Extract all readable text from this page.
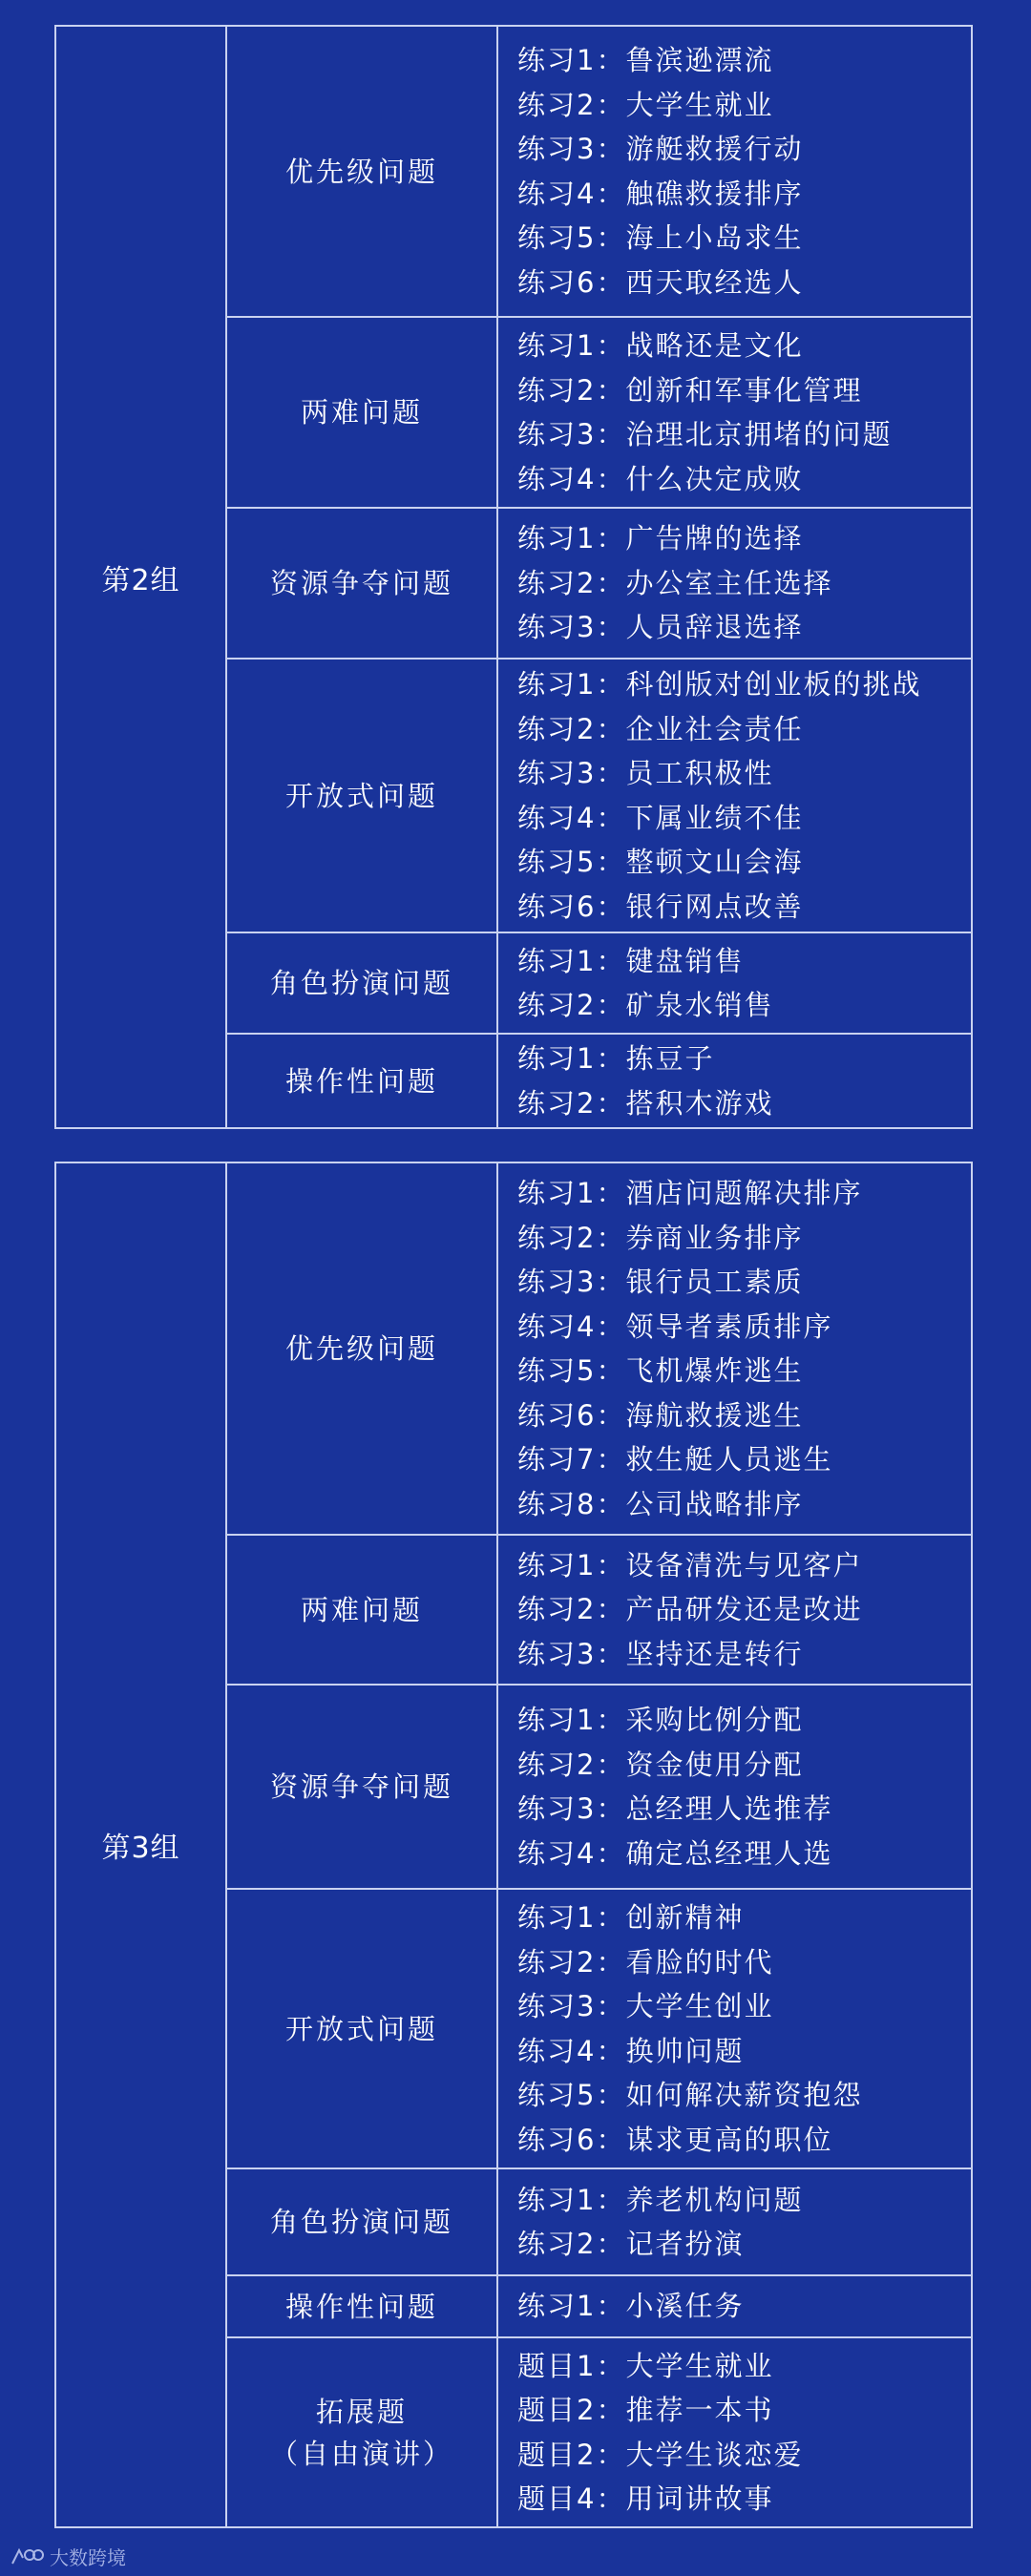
第2组
优先级问题
练习1：鲁滨逊漂流
练习2：大学生就业
练习3：游艇救援行动
练习4：触礁救援排序
练习5：海上小岛求生
练习6：西天取经选人
两难问题
练习1：战略还是文化
练习2：创新和军事化管理
练习3：治理北京拥堵的问题
练习4：什么决定成败
资源争夺问题
练习1：广告牌的选择
练习2：办公室主任选择
练习3：人员辞退选择
开放式问题
练习1：科创版对创业板的挑战
练习2：企业社会责任
练习3：员工积极性
练习4：下属业绩不佳
练习5：整顿文山会海
练习6：银行网点改善
角色扮演问题
练习1：键盘销售
练习2：矿泉水销售
操作性问题
练习1：拣豆子
练习2：搭积木游戏
第3组
优先级问题
练习1：酒店问题解决排序
练习2：券商业务排序
练习3：银行员工素质
练习4：领导者素质排序
练习5：飞机爆炸逃生
练习6：海航救援逃生
练习7：救生艇人员逃生
练习8：公司战略排序
两难问题
练习1：设备清洗与见客户
练习2：产品研发还是改进
练习3：坚持还是转行
资源争夺问题
练习1：采购比例分配
练习2：资金使用分配
练习3：总经理人选推荐
练习4：确定总经理人选
开放式问题
练习1：创新精神
练习2：看脸的时代
练习3：大学生创业
练习4：换帅问题
练习5：如何解决薪资抱怨
练习6：谋求更高的职位
角色扮演问题
练习1：养老机构问题
练习2：记者扮演
操作性问题	练习1：小溪任务
拓展题
（自由演讲）
题目1：大学生就业
题目2：推荐一本书
题目2：大学生谈恋爱
题目4：用词讲故事
大数跨境
